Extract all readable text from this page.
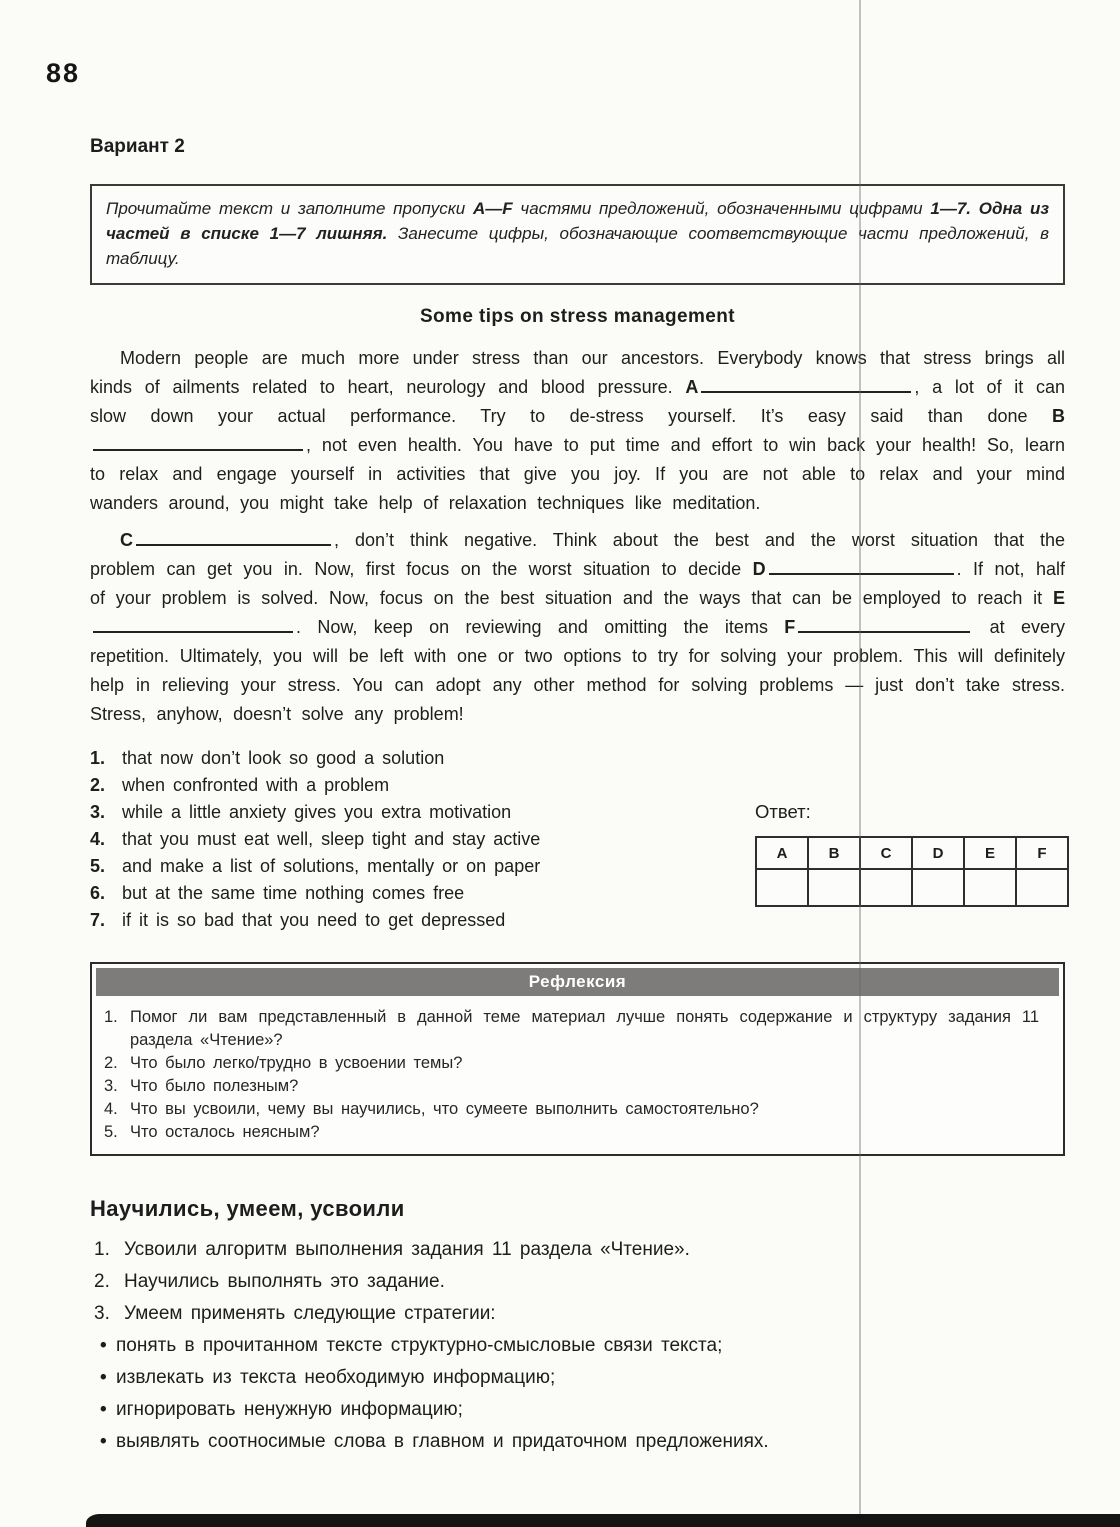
88
Вариант 2

Прочитайте текст и заполните пропуски A—F частями предложений, обозначенными цифрами 1—7. Одна из частей в списке 1—7 лишняя. Занесите цифры, обозначающие соответствующие части предложений, в таблицу.

Some tips on stress management

Modern people are much more under stress than our ancestors. Everybody knows that stress brings all kinds of ailments related to heart, neurology and blood pressure. A	, a lot of it can slow down your actual performance. Try to de-stress yourself. It’s easy said than done B, not even health. You have to put time and effort to win back your health! So, learn to relax and engage yourself in activities that give you joy. If you are not able to relax and your mind wanders around, you might take help of relaxation techniques like meditation.

C	, don’t think negative. Think about the best and the worst situation that the problem can get you in. Now, first focus on the worst situation to decide D	. If not, half of your problem is solved. Now, focus on the best situation and the ways that can be employed to reach it E. Now, keep on reviewing and omitting the items F	at every repetition. Ultimately, you will be left with one or two options to try for solving your problem. This will definitely help in relieving your stress. You can adopt any other method for solving problems — just don’t take stress. Stress, anyhow, doesn’t solve any problem!

1. that now don’t look so good a solution
2. when confronted with a problem
3. while a little anxiety gives you extra motivation
4. that you must eat well, sleep tight and stay active
5. and make a list of solutions, mentally or on paper
6. but at the same time nothing comes free
7. if it is so bad that you need to get depressed
Ответ:
A	B	C	D	E	F

Рефлексия
1. Помог ли вам представленный в данной теме материал лучше понять содержание и структуру задания 11 раздела «Чтение»?
2. Что было легко/трудно в усвоении темы?
3. Что было полезным?
4. Что вы усвоили, чему вы научились, что сумеете выполнить самостоятельно?
5. Что осталось неясным?
Научились, умеем, усвоили
1. Усвоили алгоритм выполнения задания 11 раздела «Чтение».
2. Научились выполнять это задание.
3. Умеем применять следующие стратегии:
• понять в прочитанном тексте структурно-смысловые связи текста;
• извлекать из текста необходимую информацию;
• игнорировать ненужную информацию;
• выявлять соотносимые слова в главном и придаточном предложениях.
